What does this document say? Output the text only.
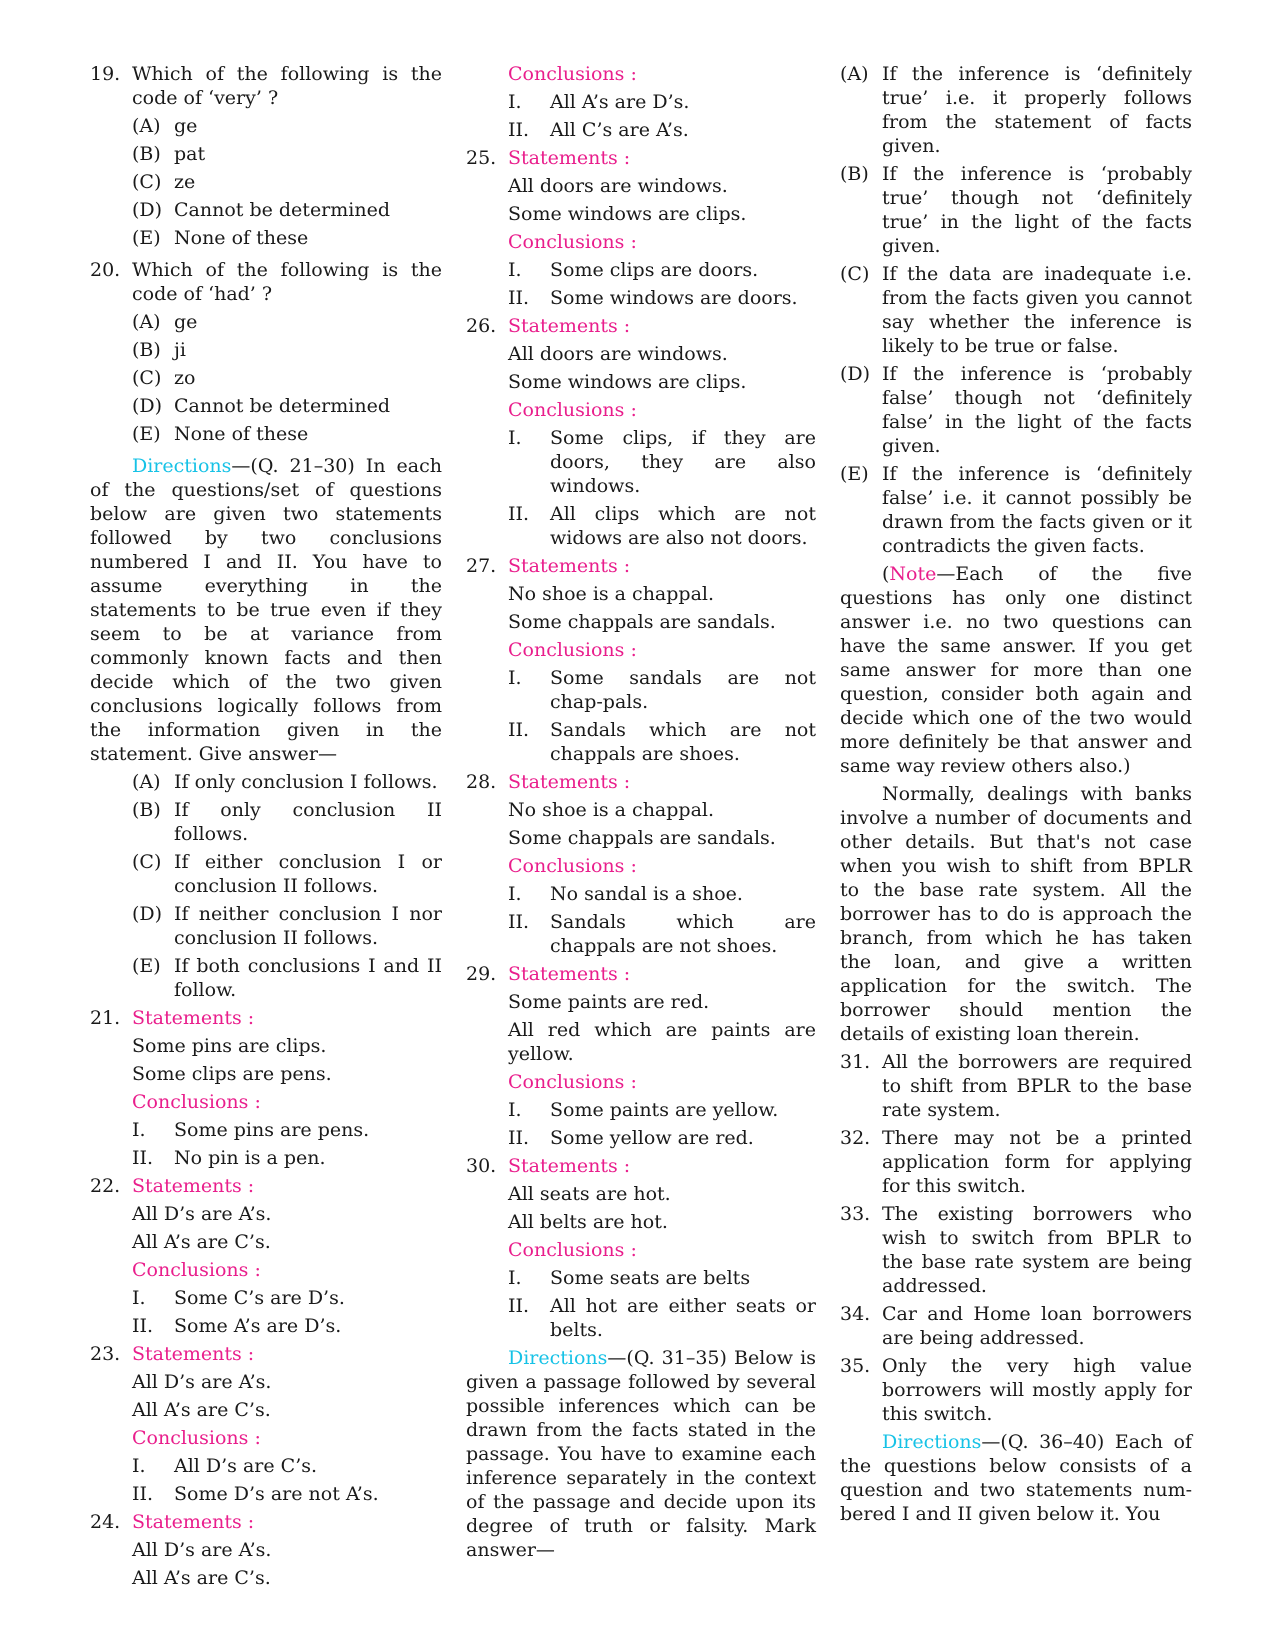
19. Which of the following is the code of ‘very’ ?
(A) ge
(B) pat
(C) ze
(D) Cannot be determined
(E) None of these
20. Which of the following is the code of ‘had’ ?
(A) ge
(B) ji
(C) zo
(D) Cannot be determined
(E) None of these
Directions—(Q. 21–30) In each of the questions/set of questions below are given two statements followed by two conclusions numbered I and II. You have to assume everything in the statements to be true even if they seem to be at variance from commonly known facts and then decide which of the two given conclusions logically follows from the information given in the statement. Give answer—
(A) If only conclusion I follows.
(B) If only conclusion II follows.
(C) If either conclusion I or conclusion II follows.
(D) If neither conclusion I nor conclusion II follows.
(E) If both conclusions I and II follow.
21. Statements :
Some pins are clips.
Some clips are pens.
Conclusions :
I. Some pins are pens.
II. No pin is a pen.
22. Statements :
All D’s are A’s.
All A’s are C’s.
Conclusions :
I. Some C’s are D’s.
II. Some A’s are D’s.
23. Statements :
All D’s are A’s.
All A’s are C’s.
Conclusions :
I. All D’s are C’s.
II. Some D’s are not A’s.
24. Statements :
All D’s are A’s.
All A’s are C’s.
Conclusions :
I. All A’s are D’s.
II. All C’s are A’s.
25. Statements :
All doors are windows.
Some windows are clips.
Conclusions :
I. Some clips are doors.
II. Some windows are doors.
26. Statements :
All doors are windows.
Some windows are clips.
Conclusions :
I. Some clips, if they are doors, they are also windows.
II. All clips which are not widows are also not doors.
27. Statements :
No shoe is a chappal.
Some chappals are sandals.
Conclusions :
I. Some sandals are not chap-pals.
II. Sandals which are not chappals are shoes.
28. Statements :
No shoe is a chappal.
Some chappals are sandals.
Conclusions :
I. No sandal is a shoe.
II. Sandals which are chappals are not shoes.
29. Statements :
Some paints are red.
All red which are paints are yellow.
Conclusions :
I. Some paints are yellow.
II. Some yellow are red.
30. Statements :
All seats are hot.
All belts are hot.
Conclusions :
I. Some seats are belts
II. All hot are either seats or belts.
Directions—(Q. 31–35) Below is given a passage followed by several possible inferences which can be drawn from the facts stated in the passage. You have to examine each inference separately in the context of the passage and decide upon its degree of truth or falsity. Mark answer—
(A) If the inference is ‘definitely true’ i.e. it properly follows from the statement of facts given.
(B) If the inference is ‘probably true’ though not ‘definitely true’ in the light of the facts given.
(C) If the data are inadequate i.e. from the facts given you cannot say whether the inference is likely to be true or false.
(D) If the inference is ‘probably false’ though not ‘definitely false’ in the light of the facts given.
(E) If the inference is ‘definitely false’ i.e. it cannot possibly be drawn from the facts given or it contradicts the given facts.
(Note—Each of the five questions has only one distinct answer i.e. no two questions can have the same answer. If you get same answer for more than one question, consider both again and decide which one of the two would more definitely be that answer and same way review others also.)
Normally, dealings with banks involve a number of documents and other details. But that's not case when you wish to shift from BPLR to the base rate system. All the borrower has to do is approach the branch, from which he has taken the loan, and give a written application for the switch. The borrower should mention the details of existing loan therein.
31. All the borrowers are required to shift from BPLR to the base rate system.
32. There may not be a printed application form for applying for this switch.
33. The existing borrowers who wish to switch from BPLR to the base rate system are being addressed.
34. Car and Home loan borrowers are being addressed.
35. Only the very high value borrowers will mostly apply for this switch.
Directions—(Q. 36–40) Each of the questions below consists of a question and two statements num-bered I and II given below it. You
